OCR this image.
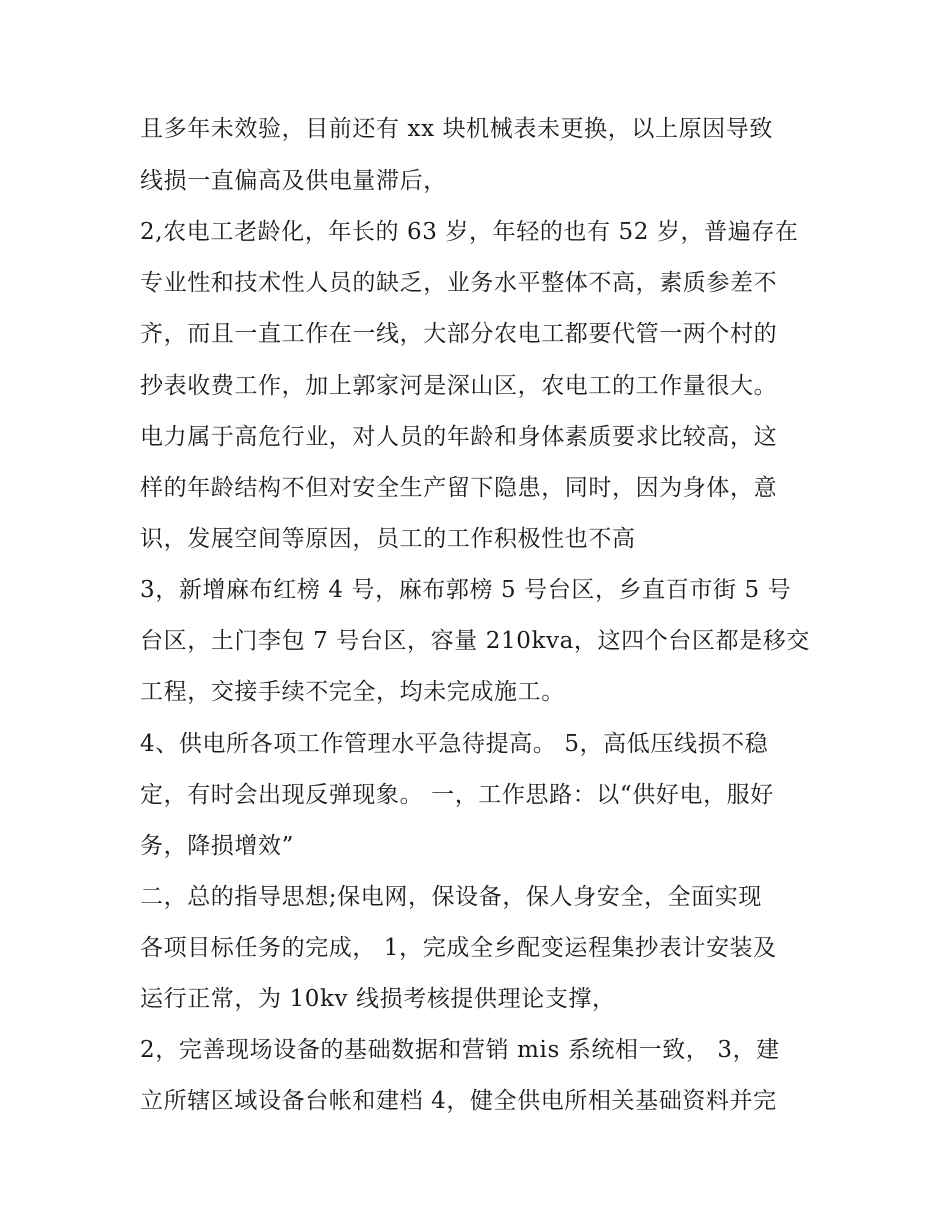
且多年未效验，目前还有 xx 块机械表未更换，以上原因导致
线损一直偏高及供电量滞后，
2,农电工老龄化，年长的 63 岁，年轻的也有 52 岁，普遍存在
专业性和技术性人员的缺乏，业务水平整体不高，素质参差不
齐，而且一直工作在一线，大部分农电工都要代管一两个村的
抄表收费工作，加上郭家河是深山区，农电工的工作量很大。
电力属于高危行业，对人员的年龄和身体素质要求比较高，这
样的年龄结构不但对安全生产留下隐患，同时，因为身体，意
识，发展空间等原因，员工的工作积极性也不高
3，新增麻布红榜 4 号，麻布郭榜 5 号台区，乡直百市街 5 号
台区，土门李包 7 号台区，容量 210kva，这四个台区都是移交
工程，交接手续不完全，均未完成施工。
4、供电所各项工作管理水平急待提高。 5，高低压线损不稳
定，有时会出现反弹现象。 一，工作思路：以“供好电，服好
务，降损增效”
二，总的指导思想;保电网，保设备，保人身安全，全面实现
各项目标任务的完成， 1，完成全乡配变运程集抄表计安装及
运行正常，为 10kv 线损考核提供理论支撑，
2，完善现场设备的基础数据和营销 mis 系统相一致， 3，建
立所辖区域设备台帐和建档 4，健全供电所相关基础资料并完
